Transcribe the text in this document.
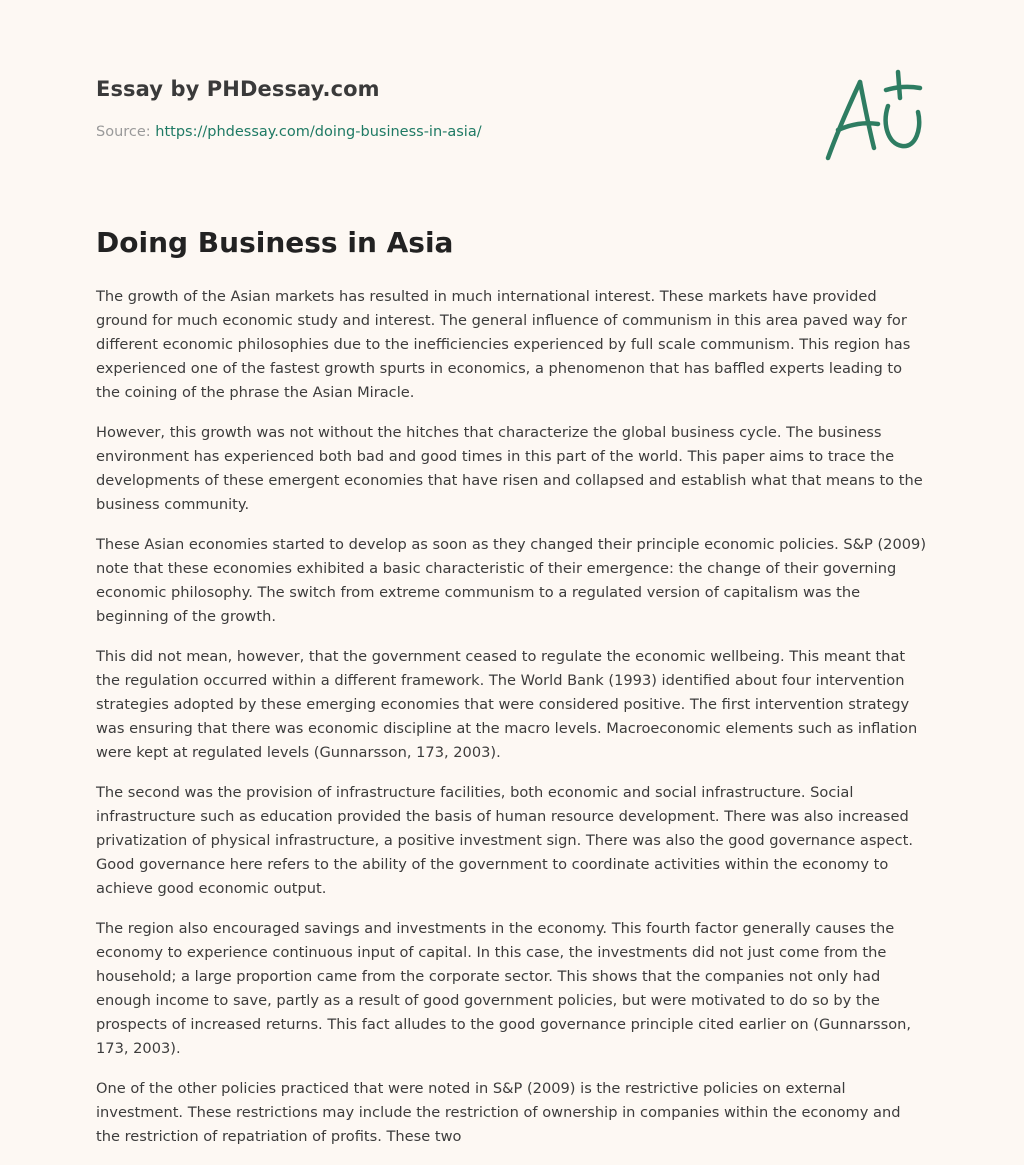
Essay by PHDessay.com
Source: https://phdessay.com/doing-business-in-asia/
Doing Business in Asia

The growth of the Asian markets has resulted in much international interest. These markets have provided ground for much economic study and interest. The general influence of communism in this area paved way for different economic philosophies due to the inefficiencies experienced by full scale communism. This region has experienced one of the fastest growth spurts in economics, a phenomenon that has baffled experts leading to the coining of the phrase the Asian Miracle.

However, this growth was not without the hitches that characterize the global business cycle. The business environment has experienced both bad and good times in this part of the world. This paper aims to trace the developments of these emergent economies that have risen and collapsed and establish what that means to the business community.

These Asian economies started to develop as soon as they changed their principle economic policies. S&P (2009) note that these economies exhibited a basic characteristic of their emergence: the change of their governing economic philosophy. The switch from extreme communism to a regulated version of capitalism was the beginning of the growth.

This did not mean, however, that the government ceased to regulate the economic wellbeing. This meant that the regulation occurred within a different framework. The World Bank (1993) identified about four intervention strategies adopted by these emerging economies that were considered positive. The first intervention strategy was ensuring that there was economic discipline at the macro levels. Macroeconomic elements such as inflation were kept at regulated levels (Gunnarsson, 173, 2003).

The second was the provision of infrastructure facilities, both economic and social infrastructure. Social infrastructure such as education provided the basis of human resource development. There was also increased privatization of physical infrastructure, a positive investment sign. There was also the good governance aspect. Good governance here refers to the ability of the government to coordinate activities within the economy to achieve good economic output.

The region also encouraged savings and investments in the economy. This fourth factor generally causes the economy to experience continuous input of capital. In this case, the investments did not just come from the household; a large proportion came from the corporate sector. This shows that the companies not only had enough income to save, partly as a result of good government policies, but were motivated to do so by the prospects of increased returns. This fact alludes to the good governance principle cited earlier on (Gunnarsson, 173, 2003).

One of the other policies practiced that were noted in S&P (2009) is the restrictive policies on external investment. These restrictions may include the restriction of ownership in companies within the economy and the restriction of repatriation of profits. These two
